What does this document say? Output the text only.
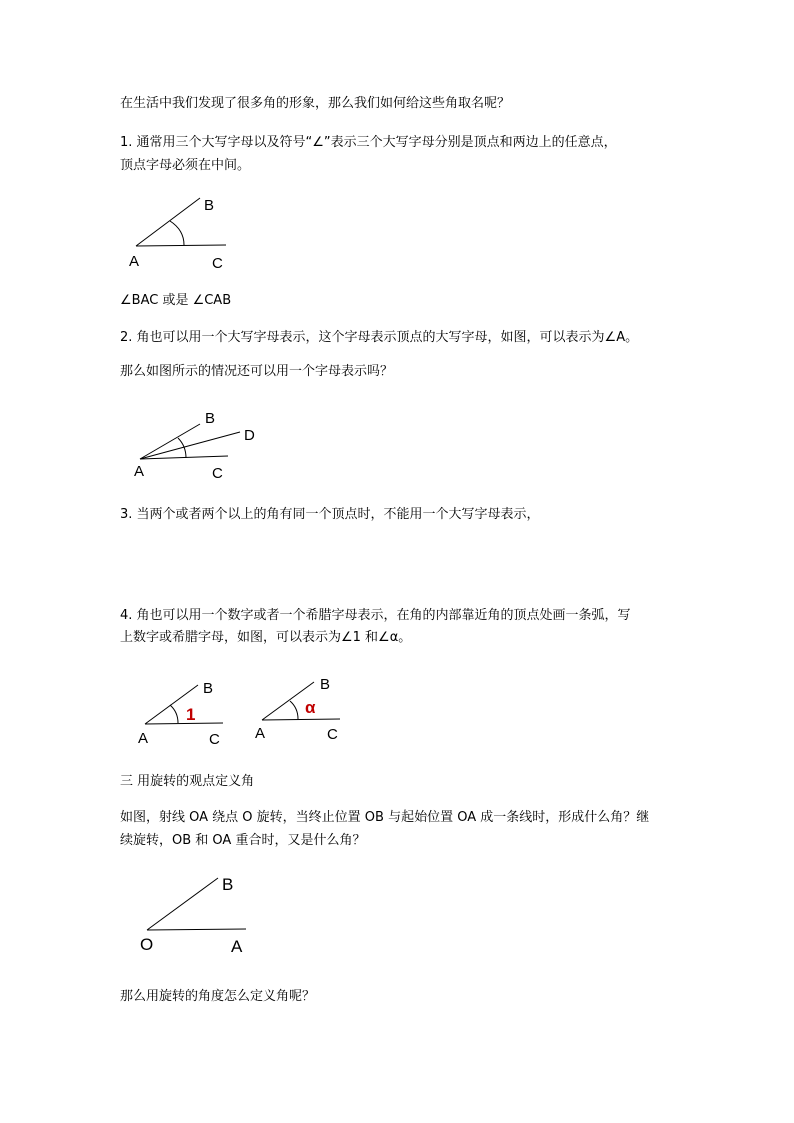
在生活中我们发现了很多角的形象，那么我们如何给这些角取名呢？
1. 通常用三个大写字母以及符号“∠”表示三个大写字母分别是顶点和两边上的任意点，
顶点字母必须在中间。
B
A	C
∠BAC 或是 ∠CAB
2. 角也可以用一个大写字母表示，这个字母表示顶点的大写字母，如图，可以表示为∠A。
那么如图所示的情况还可以用一个字母表示吗？
B
D
A	C
3. 当两个或者两个以上的角有同一个顶点时，不能用一个大写字母表示，
4. 角也可以用一个数字或者一个希腊字母表示，在角的内部靠近角的顶点处画一条弧，写
上数字或希腊字母，如图，可以表示为∠1 和∠α。
1
B
A	C
α
B
A	C
三 用旋转的观点定义角
如图，射线 OA 绕点 O 旋转，当终止位置 OB 与起始位置 OA 成一条线时，形成什么角？继
续旋转，OB 和 OA 重合时，又是什么角？
B
O	A
那么用旋转的角度怎么定义角呢？
